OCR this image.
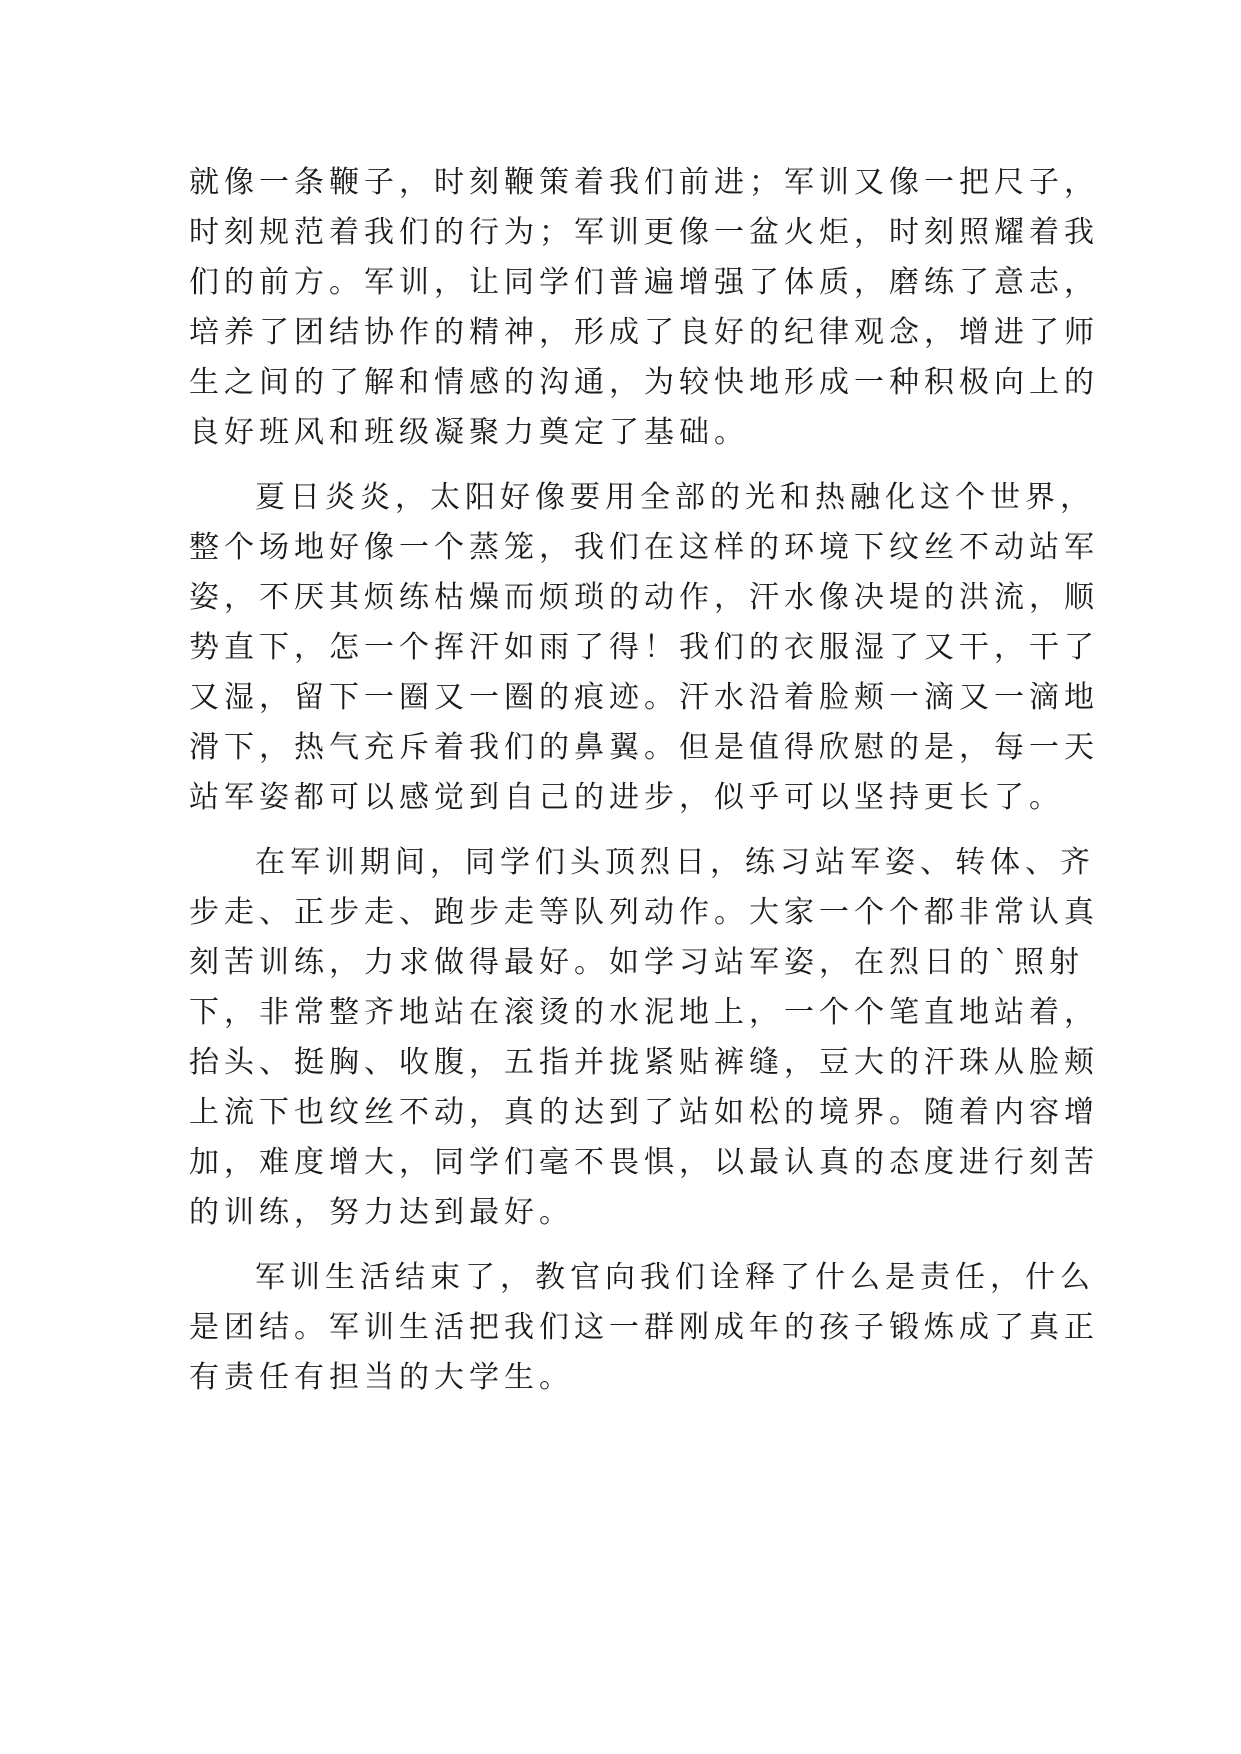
就像一条鞭子，时刻鞭策着我们前进；军训又像一把尺子，
时刻规范着我们的行为；军训更像一盆火炬，时刻照耀着我
们的前方。军训，让同学们普遍增强了体质，磨练了意志，
培养了团结协作的精神，形成了良好的纪律观念，增进了师
生之间的了解和情感的沟通，为较快地形成一种积极向上的
良好班风和班级凝聚力奠定了基础。
夏日炎炎，太阳好像要用全部的光和热融化这个世界，
整个场地好像一个蒸笼，我们在这样的环境下纹丝不动站军
姿，不厌其烦练枯燥而烦琐的动作，汗水像决堤的洪流，顺
势直下，怎一个挥汗如雨了得！我们的衣服湿了又干，干了
又湿，留下一圈又一圈的痕迹。汗水沿着脸颊一滴又一滴地
滑下，热气充斥着我们的鼻翼。但是值得欣慰的是，每一天
站军姿都可以感觉到自己的进步，似乎可以坚持更长了。
在军训期间，同学们头顶烈日，练习站军姿、转体、齐
步走、正步走、跑步走等队列动作。大家一个个都非常认真
刻苦训练，力求做得最好。如学习站军姿，在烈日的`照射
下，非常整齐地站在滚烫的水泥地上，一个个笔直地站着，
抬头、挺胸、收腹，五指并拢紧贴裤缝，豆大的汗珠从脸颊
上流下也纹丝不动，真的达到了站如松的境界。随着内容增
加，难度增大，同学们毫不畏惧，以最认真的态度进行刻苦
的训练，努力达到最好。
军训生活结束了，教官向我们诠释了什么是责任，什么
是团结。军训生活把我们这一群刚成年的孩子锻炼成了真正
有责任有担当的大学生。
